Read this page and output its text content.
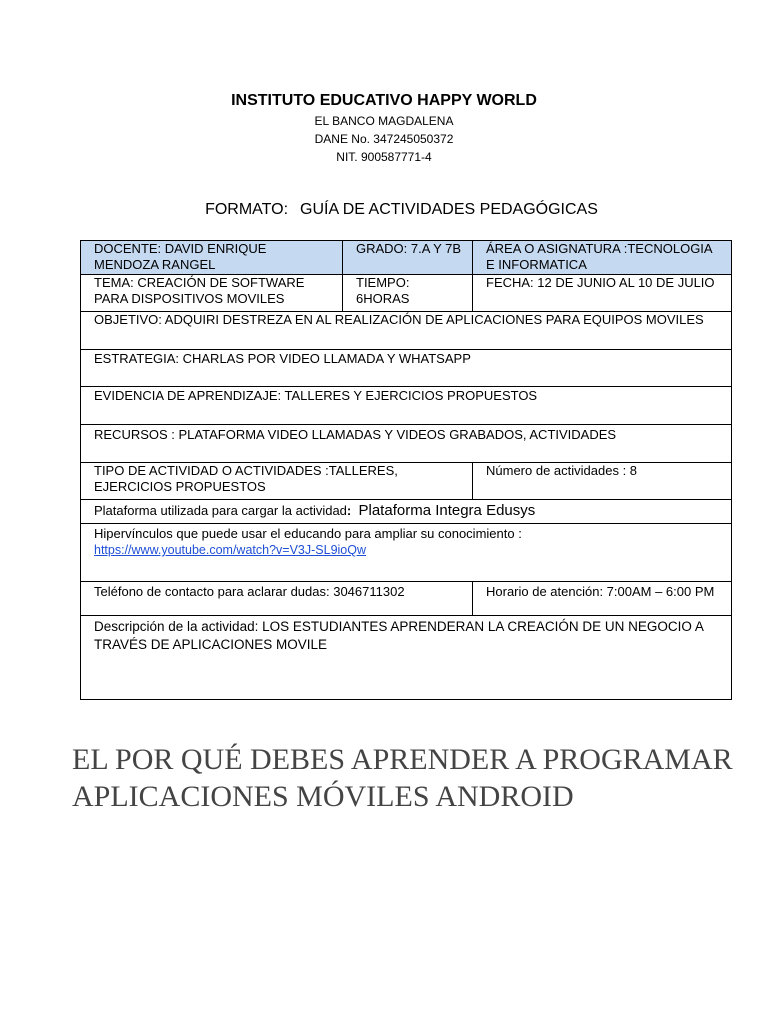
INSTITUTO EDUCATIVO HAPPY WORLD

EL BANCO MAGDALENA

DANE No. 347245050372

NIT. 900587771-4

FORMATO: GUÍA DE ACTIVIDADES PEDAGÓGICAS
DOCENTE: DAVID ENRIQUE MENDOZA RANGEL	GRADO: 7.A Y 7B	ÁREA O ASIGNATURA :TECNOLOGIA E INFORMATICA
TEMA: CREACIÓN DE SOFTWARE PARA DISPOSITIVOS MOVILES	TIEMPO: 6HORAS	FECHA: 12 DE JUNIO AL 10 DE JULIO
OBJETIVO: ADQUIRI DESTREZA EN AL REALIZACIÓN DE APLICACIONES PARA EQUIPOS MOVILES		
ESTRATEGIA: CHARLAS POR VIDEO LLAMADA Y WHATSAPP		
EVIDENCIA DE APRENDIZAJE: TALLERES Y EJERCICIOS PROPUESTOS		
RECURSOS : PLATAFORMA VIDEO LLAMADAS Y VIDEOS GRABADOS, ACTIVIDADES		
TIPO DE ACTIVIDAD O ACTIVIDADES :TALLERES, EJERCICIOS PROPUESTOS		Número de actividades : 8
Plataforma utilizada para cargar la actividad: Plataforma Integra Edusys		

Hipervínculos que puede usar el educando para ampliar su conocimiento :
https://www.youtube.com/watch?v=V3J-SL9ioQw		
Teléfono de contacto para aclarar dudas: 3046711302		Horario de atención: 7:00AM – 6:00 PM
Descripción de la actividad: LOS ESTUDIANTES APRENDERAN LA CREACIÓN DE UN NEGOCIO A TRAVÉS DE APLICACIONES MOVILE		

EL POR QUÉ DEBES APRENDER A PROGRAMAR APLICACIONES MÓVILES ANDROID
